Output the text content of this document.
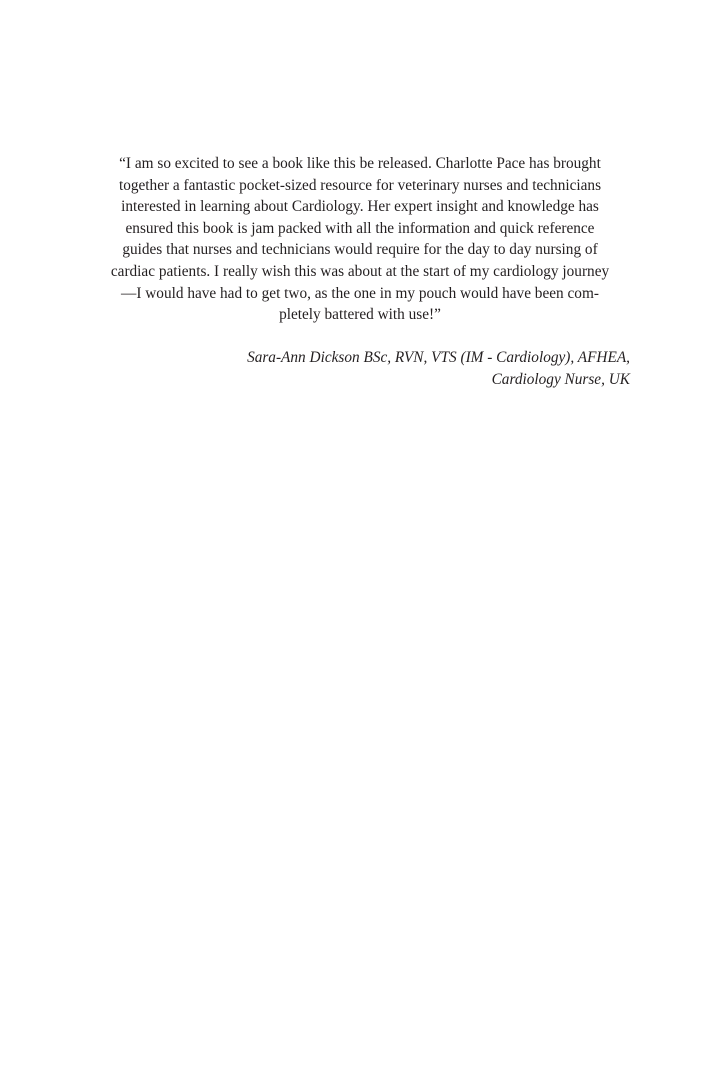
“I am so excited to see a book like this be released. Charlotte Pace has brought
together a fantastic pocket-sized resource for veterinary nurses and technicians
interested in learning about Cardiology. Her expert insight and knowledge has
ensured this book is jam packed with all the information and quick reference
guides that nurses and technicians would require for the day to day nursing of
cardiac patients. I really wish this was about at the start of my cardiology journey
—I would have had to get two, as the one in my pouch would have been com-
pletely battered with use!”
Sara-Ann Dickson BSc, RVN, VTS (IM - Cardiology), AFHEA,
Cardiology Nurse, UK
